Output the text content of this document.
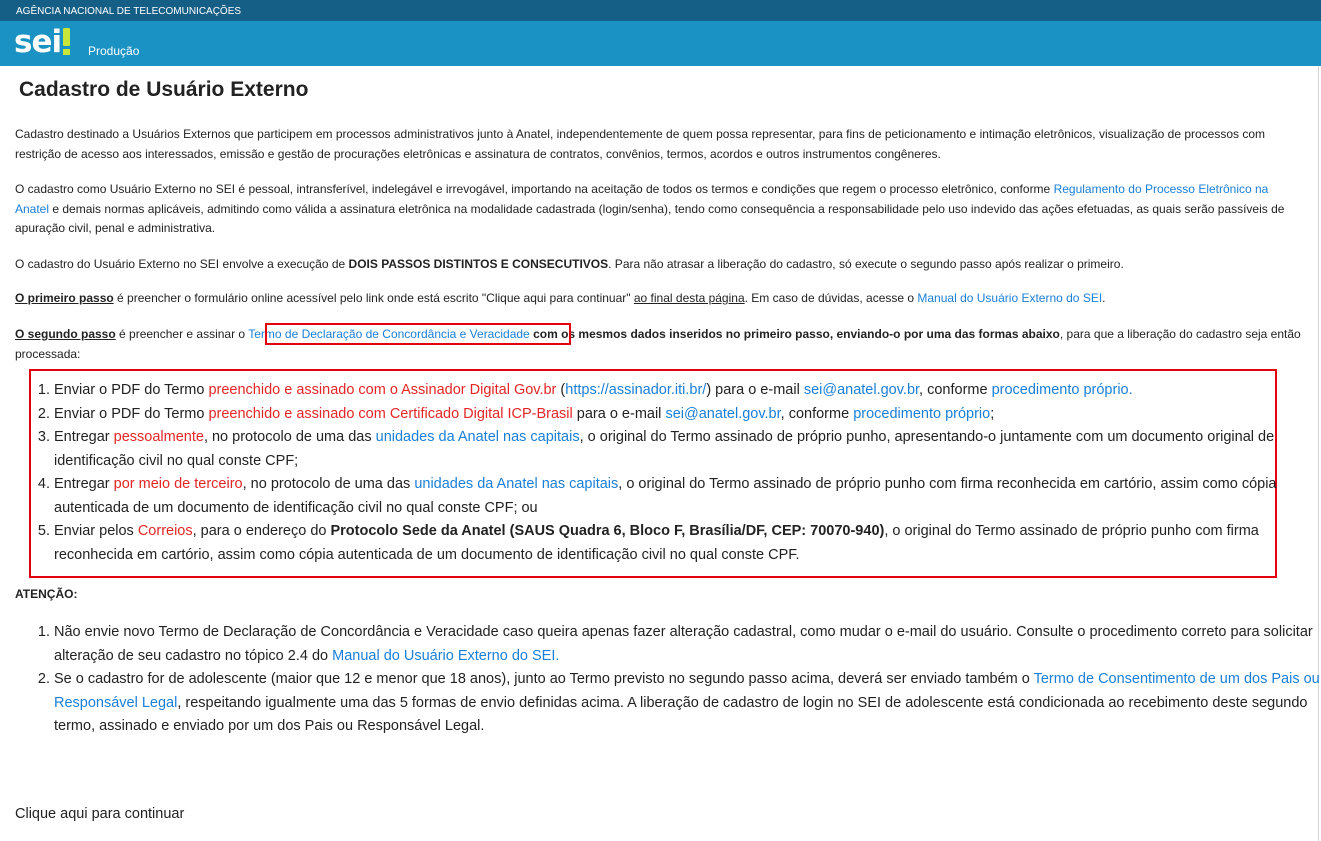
AGÊNCIA NACIONAL DE TELECOMUNICAÇÕES
sei	Produção
Cadastro de Usuário Externo

Cadastro destinado a Usuários Externos que participem em processos administrativos junto à Anatel, independentemente de quem possa representar, para fins de peticionamento e intimação eletrônicos, visualização de processos com restrição de acesso aos interessados, emissão e gestão de procurações eletrônicas e assinatura de contratos, convênios, termos, acordos e outros instrumentos congêneres.

O cadastro como Usuário Externo no SEI é pessoal, intransferível, indelegável e irrevogável, importando na aceitação de todos os termos e condições que regem o processo eletrônico, conforme Regulamento do Processo Eletrônico na Anatel e demais normas aplicáveis, admitindo como válida a assinatura eletrônica na modalidade cadastrada (login/senha), tendo como consequência a responsabilidade pelo uso indevido das ações efetuadas, as quais serão passíveis de apuração civil, penal e administrativa.

O cadastro do Usuário Externo no SEI envolve a execução de DOIS PASSOS DISTINTOS E CONSECUTIVOS. Para não atrasar a liberação do cadastro, só execute o segundo passo após realizar o primeiro.

O primeiro passo é preencher o formulário online acessível pelo link onde está escrito "Clique aqui para continuar" ao final desta página. Em caso de dúvidas, acesse o Manual do Usuário Externo do SEI.

O segundo passo é preencher e assinar o Termo de Declaração de Concordância e Veracidade com os mesmos dados inseridos no primeiro passo, enviando-o por uma das formas abaixo, para que a liberação do cadastro seja então processada:

1. Enviar o PDF do Termo preenchido e assinado com o Assinador Digital Gov.br (https://assinador.iti.br/) para o e-mail sei@anatel.gov.br, conforme procedimento próprio.
2. Enviar o PDF do Termo preenchido e assinado com Certificado Digital ICP-Brasil para o e-mail sei@anatel.gov.br, conforme procedimento próprio;
3. Entregar pessoalmente, no protocolo de uma das unidades da Anatel nas capitais, o original do Termo assinado de próprio punho, apresentando-o juntamente com um documento original de identificação civil no qual conste CPF;
4. Entregar por meio de terceiro, no protocolo de uma das unidades da Anatel nas capitais, o original do Termo assinado de próprio punho com firma reconhecida em cartório, assim como cópia autenticada de um documento de identificação civil no qual conste CPF; ou
5. Enviar pelos Correios, para o endereço do Protocolo Sede da Anatel (SAUS Quadra 6, Bloco F, Brasília/DF, CEP: 70070-940), o original do Termo assinado de próprio punho com firma reconhecida em cartório, assim como cópia autenticada de um documento de identificação civil no qual conste CPF.
ATENÇÃO:
1. Não envie novo Termo de Declaração de Concordância e Veracidade caso queira apenas fazer alteração cadastral, como mudar o e-mail do usuário. Consulte o procedimento correto para solicitar alteração de seu cadastro no tópico 2.4 do Manual do Usuário Externo do SEI.
2. Se o cadastro for de adolescente (maior que 12 e menor que 18 anos), junto ao Termo previsto no segundo passo acima, deverá ser enviado também o Termo de Consentimento de um dos Pais ou Responsável Legal, respeitando igualmente uma das 5 formas de envio definidas acima. A liberação de cadastro de login no SEI de adolescente está condicionada ao recebimento deste segundo termo, assinado e enviado por um dos Pais ou Responsável Legal.
Clique aqui para continuar
